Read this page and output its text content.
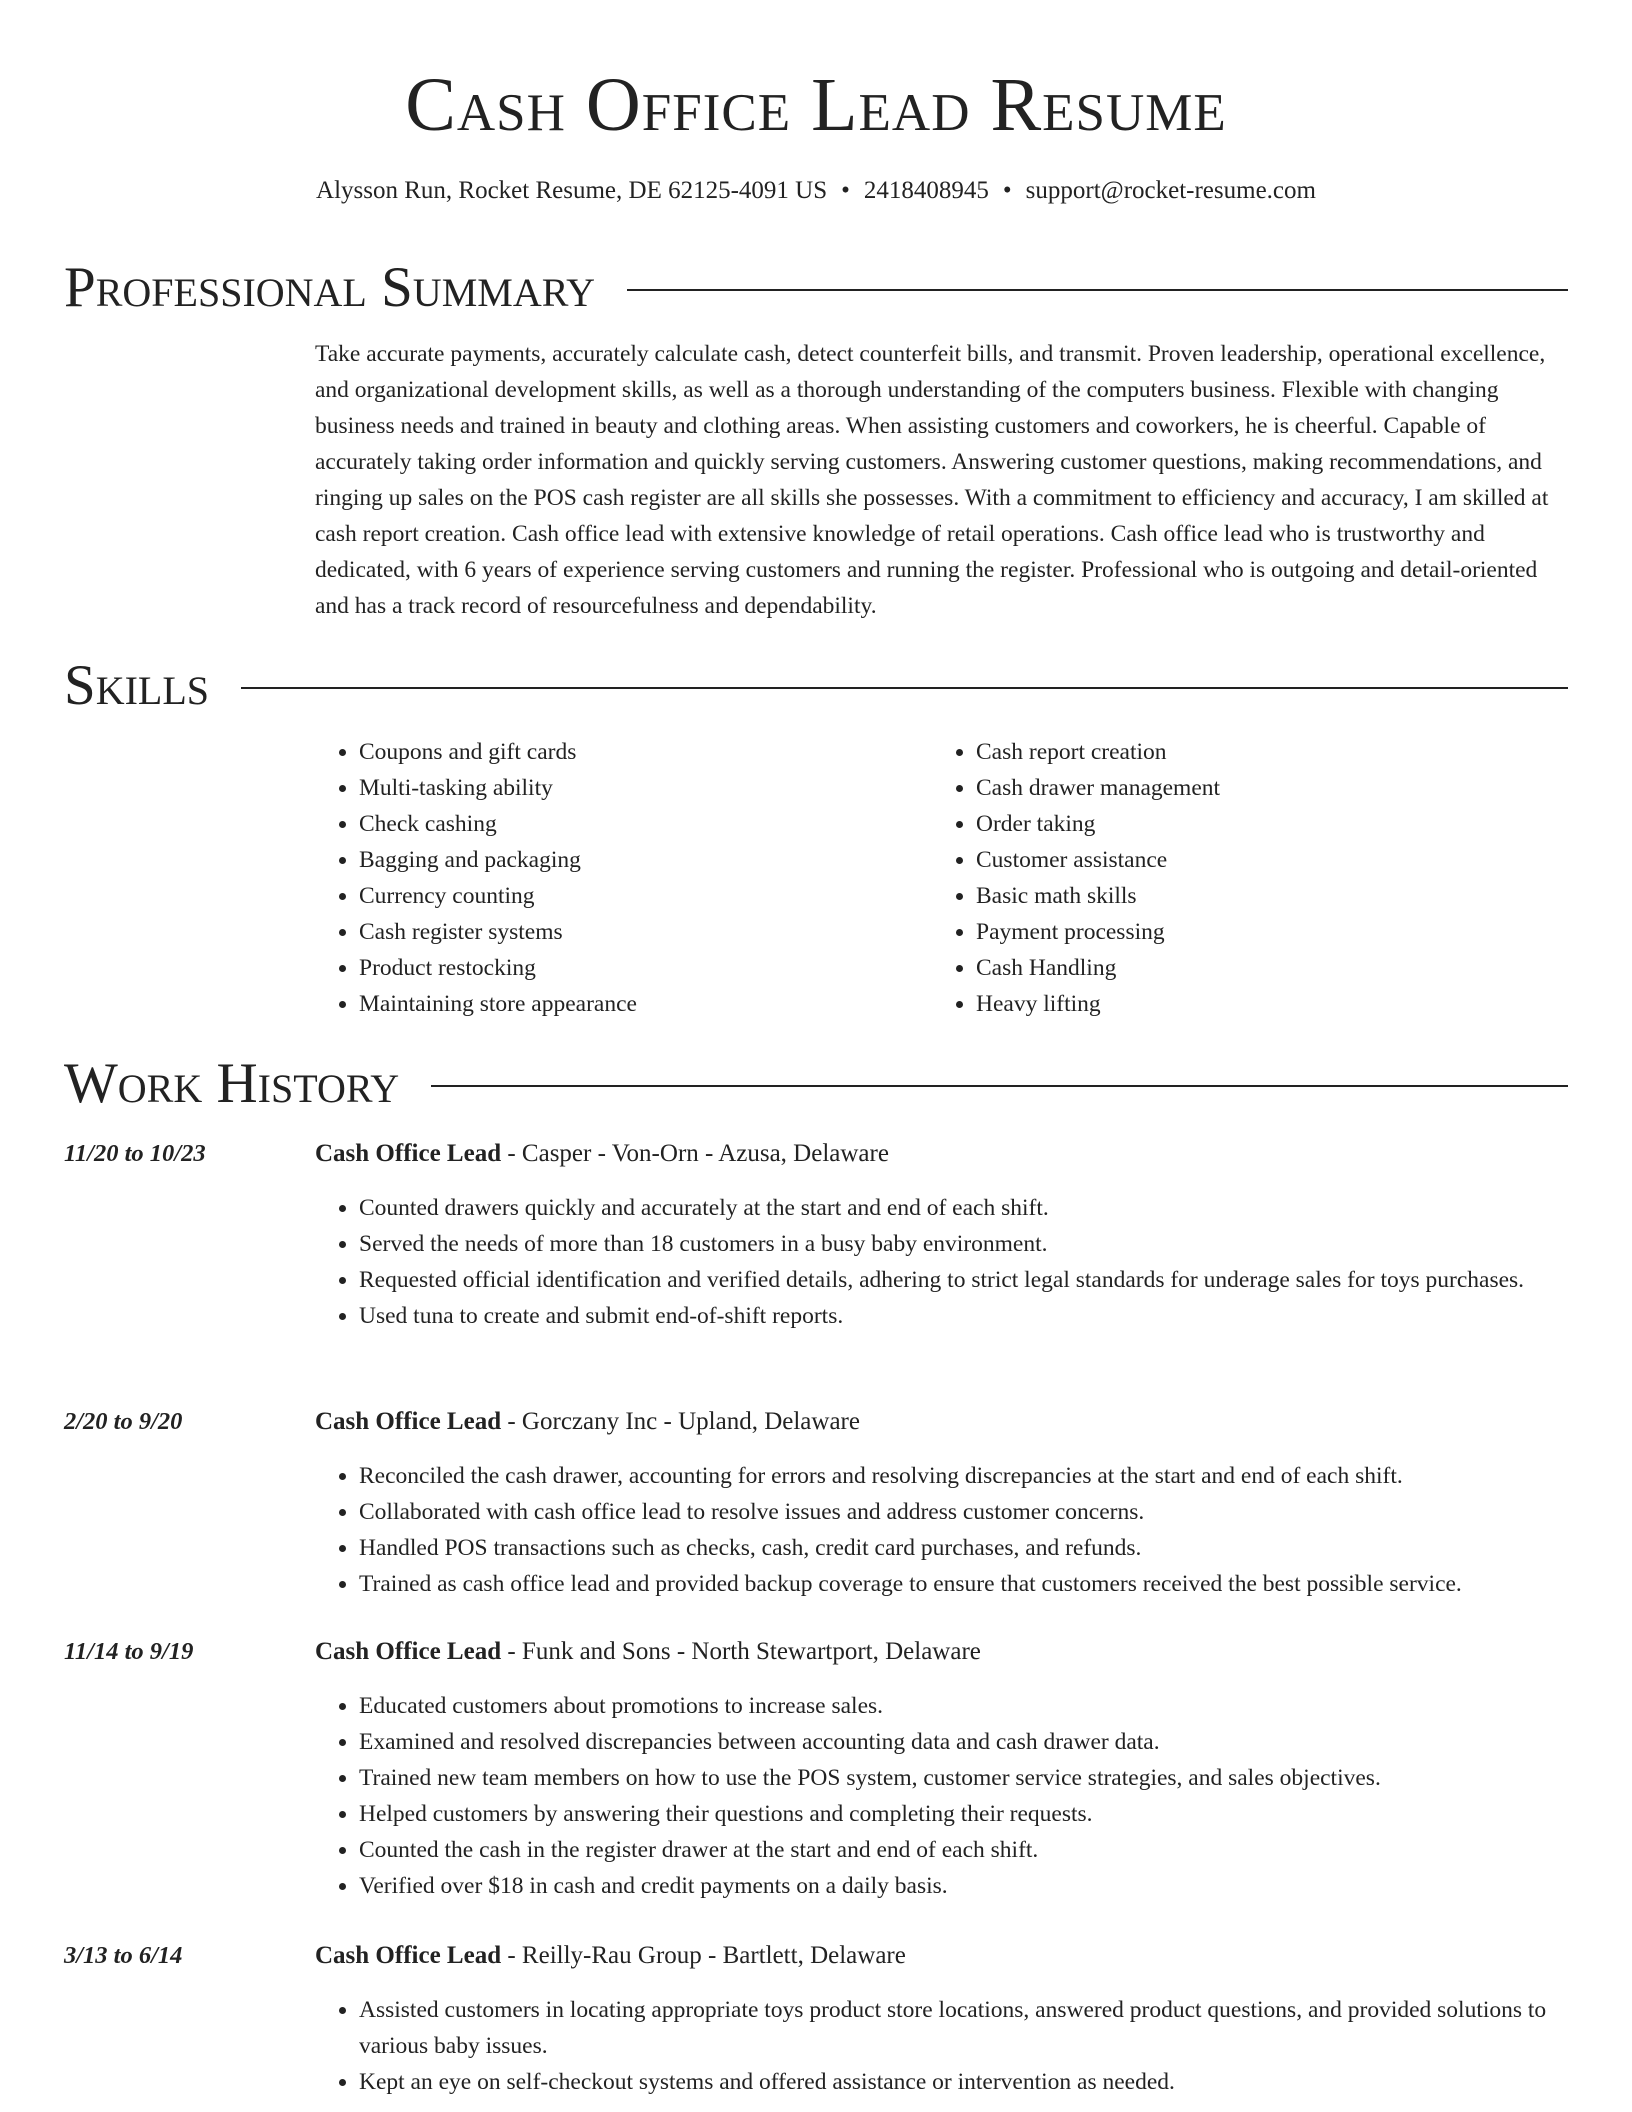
Cash Office Lead Resume
Alysson Run, Rocket Resume, DE 62125-4091 US • 2418408945 • support@rocket-resume.com
Professional Summary

Take accurate payments, accurately calculate cash, detect counterfeit bills, and transmit. Proven leadership, operational excellence, and organizational development skills, as well as a thorough understanding of the computers business. Flexible with changing business needs and trained in beauty and clothing areas. When assisting customers and coworkers, he is cheerful. Capable of accurately taking order information and quickly serving customers. Answering customer questions, making recommendations, and ringing up sales on the POS cash register are all skills she possesses. With a commitment to efficiency and accuracy, I am skilled at cash report creation. Cash office lead with extensive knowledge of retail operations. Cash office lead who is trustworthy and dedicated, with 6 years of experience serving customers and running the register. Professional who is outgoing and detail-oriented and has a track record of resourcefulness and dependability.

Skills
• Coupons and gift cards
• Multi-tasking ability
• Check cashing
• Bagging and packaging
• Currency counting
• Cash register systems
• Product restocking
• Maintaining store appearance
• Cash report creation
• Cash drawer management
• Order taking
• Customer assistance
• Basic math skills
• Payment processing
• Cash Handling
• Heavy lifting
Work History
11/20 to 10/23	Cash Office Lead - Casper - Von-Orn - Azusa, Delaware
• Counted drawers quickly and accurately at the start and end of each shift.
• Served the needs of more than 18 customers in a busy baby environment.
• Requested official identification and verified details, adhering to strict legal standards for underage sales for toys purchases.
• Used tuna to create and submit end-of-shift reports.
2/20 to 9/20	Cash Office Lead - Gorczany Inc - Upland, Delaware
• Reconciled the cash drawer, accounting for errors and resolving discrepancies at the start and end of each shift.
• Collaborated with cash office lead to resolve issues and address customer concerns.
• Handled POS transactions such as checks, cash, credit card purchases, and refunds.
• Trained as cash office lead and provided backup coverage to ensure that customers received the best possible service.
11/14 to 9/19	Cash Office Lead - Funk and Sons - North Stewartport, Delaware
• Educated customers about promotions to increase sales.
• Examined and resolved discrepancies between accounting data and cash drawer data.
• Trained new team members on how to use the POS system, customer service strategies, and sales objectives.
• Helped customers by answering their questions and completing their requests.
• Counted the cash in the register drawer at the start and end of each shift.
• Verified over $18 in cash and credit payments on a daily basis.
3/13 to 6/14	Cash Office Lead - Reilly-Rau Group - Bartlett, Delaware
• Assisted customers in locating appropriate toys product store locations, answered product questions, and provided solutions to various baby issues.
• Kept an eye on self-checkout systems and offered assistance or intervention as needed.
